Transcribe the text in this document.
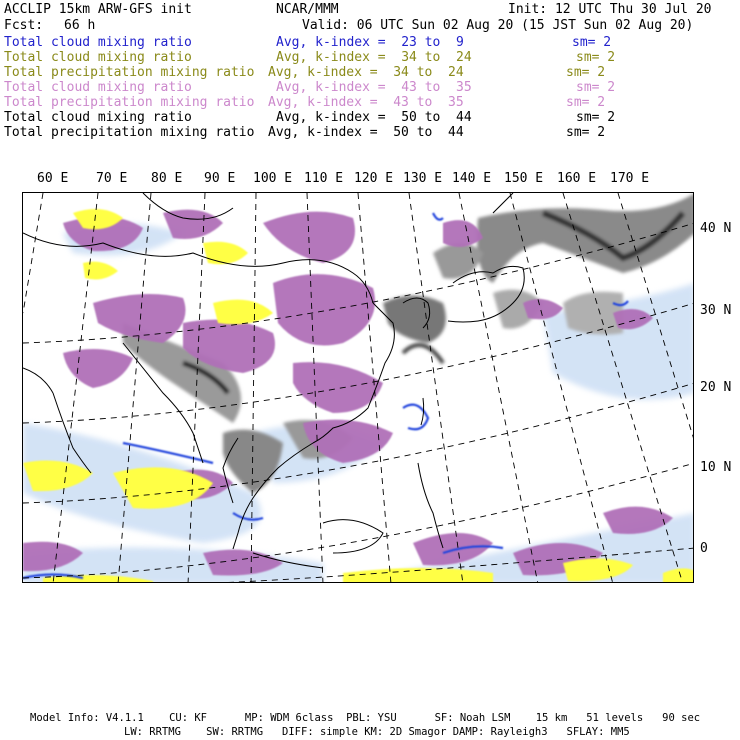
ACCLIP 15km ARW-GFS init	NCAR/MMM	Init: 12 UTC Thu 30 Jul 20
Fcst: 66 h	Valid: 06 UTC Sun 02 Aug 20 (15 JST Sun 02 Aug 20)
Total cloud mixing ratio	Avg, k-index =  23 to  9	sm= 2
Total cloud mixing ratio	Avg, k-index =  34 to  24	sm= 2
Total precipitation mixing ratio Avg, k-index =  34 to  24	sm= 2
Total cloud mixing ratio	Avg, k-index =  43 to  35	sm= 2
Total precipitation mixing ratio Avg, k-index =  43 to  35	sm= 2
Total cloud mixing ratio	Avg, k-index =  50 to  44	sm= 2
Total precipitation mixing ratio Avg, k-index =  50 to  44	sm= 2
60 E 70 E 80 E 90 E 100 E 110 E 120 E 130 E 140 E 150 E 160 E 170 E
40 N
30 N
20 N
10 N
0
Model Info: V4.1.1    CU: KF      MP: WDM 6class  PBL: YSU      SF: Noah LSM    15 km   51 levels   90 sec
LW: RRTMG    SW: RRTMG   DIFF: simple KM: 2D Smagor DAMP: Rayleigh3   SFLAY: MM5
